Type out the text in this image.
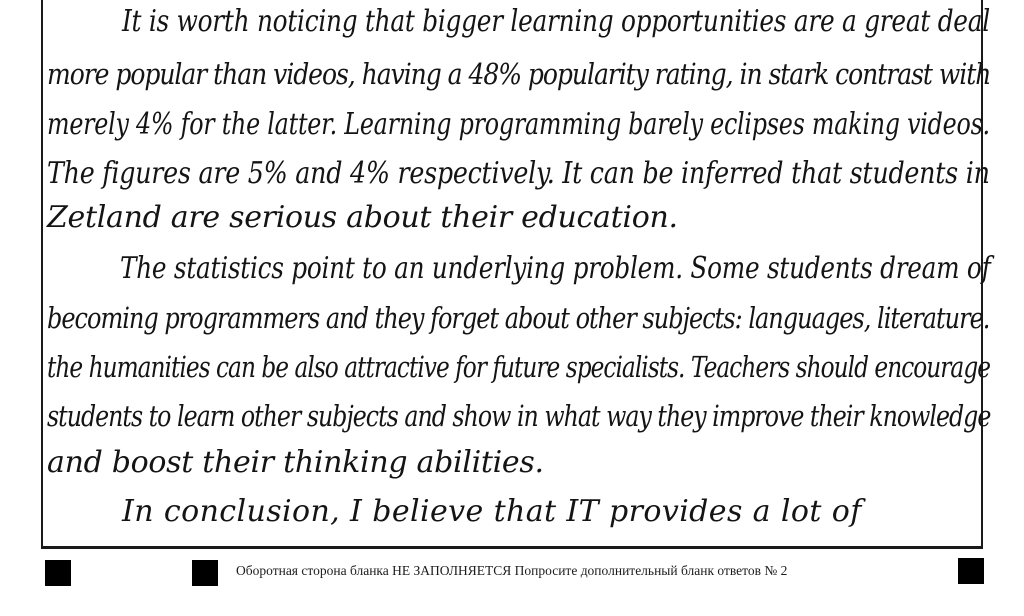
It is worth noticing that bigger learning opportunities are a great deal

more popular than videos, having a 48% popularity rating, in stark contrast with

merely 4% for the latter. Learning programming barely eclipses making videos.

The figures are 5% and 4% respectively. It can be inferred that students in

Zetland are serious about their education.

The statistics point to an underlying problem. Some students dream of

becoming programmers and they forget about other subjects: languages, literature.

the humanities can be also attractive for future specialists. Teachers should encourage

students to learn other subjects and show in what way they improve their knowledge

and boost their thinking abilities.

In conclusion, I believe that IT provides a lot of

Оборотная сторона бланка НЕ ЗАПОЛНЯЕТСЯ Попросите дополнительный бланк ответов № 2
